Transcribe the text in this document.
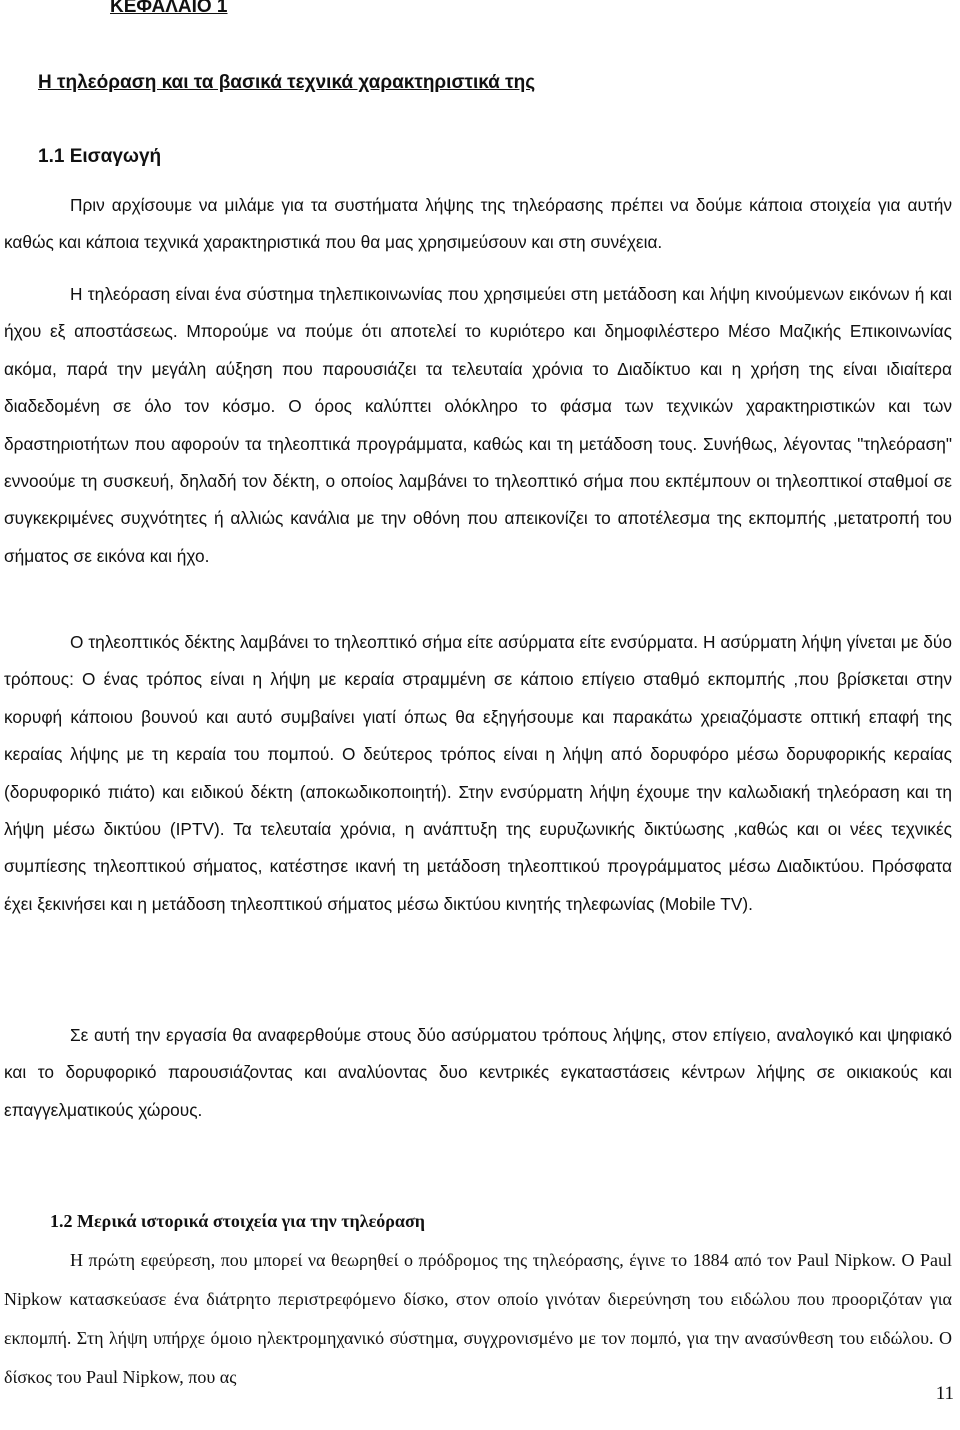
ΚΕΦΑΛΑΙΟ 1
Η τηλεόραση και τα βασικά τεχνικά χαρακτηριστικά της
1.1 Εισαγωγή

Πριν αρχίσουμε να μιλάμε για τα συστήματα λήψης της τηλεόρασης πρέπει να δούμε κάποια στοιχεία για αυτήν καθώς και κάποια τεχνικά χαρακτηριστικά που θα μας χρησιμεύσουν και στη συνέχεια.

Η τηλεόραση είναι ένα σύστημα τηλεπικοινωνίας που χρησιμεύει στη μετάδοση και λήψη κινούμενων εικόνων ή και ήχου εξ αποστάσεως. Μπορούμε να πούμε ότι αποτελεί το κυριότερο και δημοφιλέστερο Μέσο Μαζικής Επικοινωνίας ακόμα, παρά την μεγάλη αύξηση που παρουσιάζει τα τελευταία χρόνια το Διαδίκτυο και η χρήση της είναι ιδιαίτερα διαδεδομένη σε όλο τον κόσμο. Ο όρος καλύπτει ολόκληρο το φάσμα των τεχνικών χαρακτηριστικών και των δραστηριοτήτων που αφορούν τα τηλεοπτικά προγράμματα, καθώς και τη μετάδοση τους. Συνήθως, λέγοντας "τηλεόραση" εννοούμε τη συσκευή, δηλαδή τον δέκτη, ο οποίος λαμβάνει το τηλεοπτικό σήμα που εκπέμπουν οι τηλεοπτικοί σταθμοί σε συγκεκριμένες συχνότητες ή αλλιώς κανάλια με την οθόνη που απεικονίζει το αποτέλεσμα της εκπομπής ,μετατροπή του σήματος σε εικόνα και ήχο.

Ο τηλεοπτικός δέκτης λαμβάνει το τηλεοπτικό σήμα είτε ασύρματα είτε ενσύρματα. Η ασύρματη λήψη γίνεται με δύο τρόπους: Ο ένας τρόπος είναι η λήψη με κεραία στραμμένη σε κάποιο επίγειο σταθμό εκπομπής ,που βρίσκεται στην κορυφή κάποιου βουνού και αυτό συμβαίνει γιατί όπως θα εξηγήσουμε και παρακάτω χρειαζόμαστε οπτική επαφή της κεραίας λήψης με τη κεραία του πομπού. Ο δεύτερος τρόπος είναι η λήψη από δορυφόρο μέσω δορυφορικής κεραίας (δορυφορικό πιάτο) και ειδικού δέκτη (αποκωδικοποιητή). Στην ενσύρματη λήψη έχουμε την καλωδιακή τηλεόραση και τη λήψη μέσω δικτύου (IPTV). Τα τελευταία χρόνια, η ανάπτυξη της ευρυζωνικής δικτύωσης ,καθώς και οι νέες τεχνικές συμπίεσης τηλεοπτικού σήματος, κατέστησε ικανή τη μετάδοση τηλεοπτικού προγράμματος μέσω Διαδικτύου. Πρόσφατα έχει ξεκινήσει και η μετάδοση τηλεοπτικού σήματος μέσω δικτύου κινητής τηλεφωνίας (Mobile TV).

Σε αυτή την εργασία θα αναφερθούμε στους δύο ασύρματου τρόπους λήψης, στον επίγειο, αναλογικό και ψηφιακό και το δορυφορικό παρουσιάζοντας και αναλύοντας δυο κεντρικές εγκαταστάσεις κέντρων λήψης σε οικιακούς και επαγγελματικούς χώρους.

1.2 Μερικά ιστορικά στοιχεία για την τηλεόραση

Η πρώτη εφεύρεση, που μπορεί να θεωρηθεί ο πρόδρομος της τηλεόρασης, έγινε το 1884 από τον Paul Nipkow. Ο Paul Nipkow κατασκεύασε ένα διάτρητο περιστρεφόμενο δίσκο, στον οποίο γινόταν διερεύνηση του ειδώλου που προοριζόταν για εκπομπή. Στη λήψη υπήρχε όμοιο ηλεκτρομηχανικό σύστημα, συγχρονισμένο με τον πομπό, για την ανασύνθεση του ειδώλου. Ο δίσκος του Paul Nipkow, που ας

11
